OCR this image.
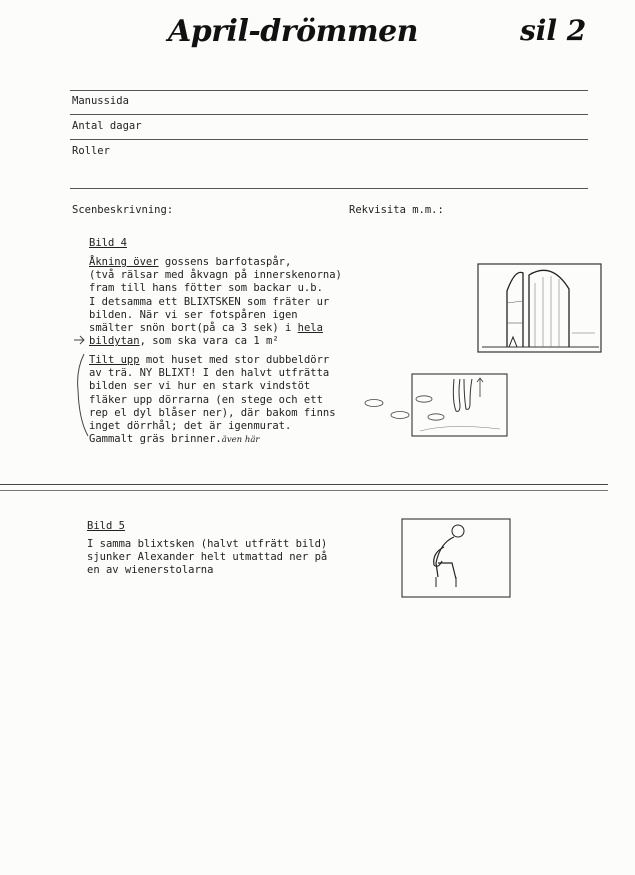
April-drömmen	sil 2
Manussida
Antal dagar
Roller
Scenbeskrivning:	Rekvisita m.m.:
Bild 4
Åkning över gossens barfotaspår,
(två rälsar med åkvagn på innerskenorna)
fram till hans fötter som backar u.b.
I detsamma ett BLIXTSKEN som fräter ur
bilden. När vi ser fotspåren igen
smälter snön bort(på ca 3 sek) i hela
bildytan, som ska vara ca 1 m²
Tilt upp mot huset med stor dubbeldörr
av trä. NY BLIXT! I den halvt utfrätta
bilden ser vi hur en stark vindstöt
fläker upp dörrarna (en stege och ett
rep el dyl blåser ner), där bakom finns
inget dörrhål; det är igenmurat.
Gammalt gräs brinner.även här
Bild 5
I samma blixtsken (halvt utfrätt bild)
sjunker Alexander helt utmattad ner på
en av wienerstolarna
